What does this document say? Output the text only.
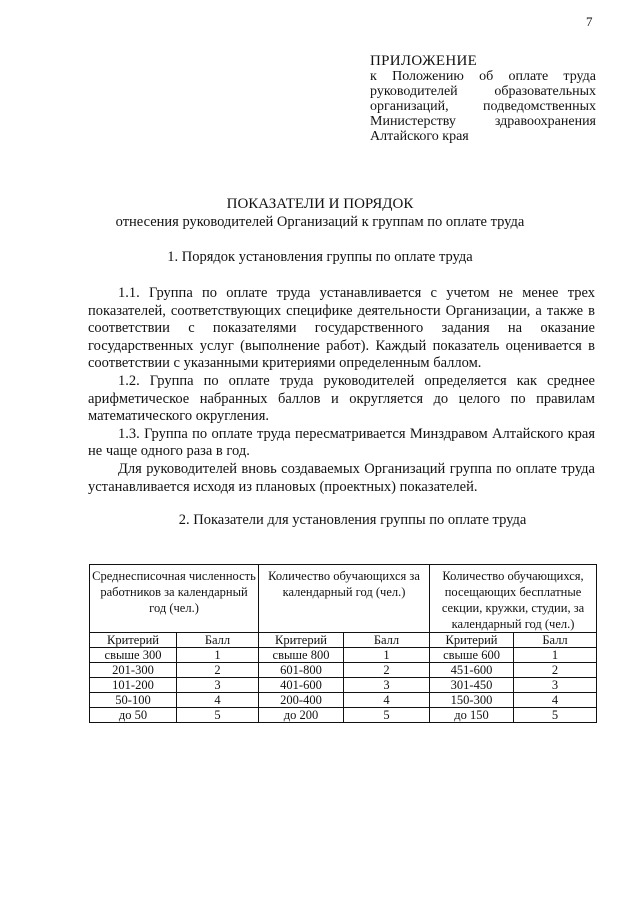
7
ПРИЛОЖЕНИЕ
к Положению об оплате труда
руководителей образовательных
организаций, подведомственных
Министерству здравоохранения
Алтайского края
ПОКАЗАТЕЛИ И ПОРЯДОК
отнесения руководителей Организаций к группам по оплате труда
1. Порядок установления группы по оплате труда

1.1. Группа по оплате труда устанавливается с учетом не менее трех показателей, соответствующих специфике деятельности Организации, а также в соответствии с показателями государственного задания на оказание государственных услуг (выполнение работ). Каждый показатель оценивается в соответствии с указанными критериями определенным баллом.

1.2. Группа по оплате труда руководителей определяется как среднее арифметическое набранных баллов и округляется до целого по правилам математического округления.

1.3. Группа по оплате труда пересматривается Минздравом Алтайского края не чаще одного раза в год.

Для руководителей вновь создаваемых Организаций группа по оплате труда устанавливается исходя из плановых (проектных) показателей.

2. Показатели для установления группы по оплате труда
Среднесписочная численность работников за календарный год (чел.)		Количество обучающихся за календарный год (чел.)		Количество обучающихся, посещающих бесплатные секции, кружки, студии, за календарный год (чел.)	
Критерий	Балл	Критерий	Балл	Критерий	Балл
свыше 300	1	свыше 800	1	свыше 600	1
201-300	2	601-800	2	451-600	2
101-200	3	401-600	3	301-450	3
50-100	4	200-400	4	150-300	4
до 50	5	до 200	5	до 150	5
